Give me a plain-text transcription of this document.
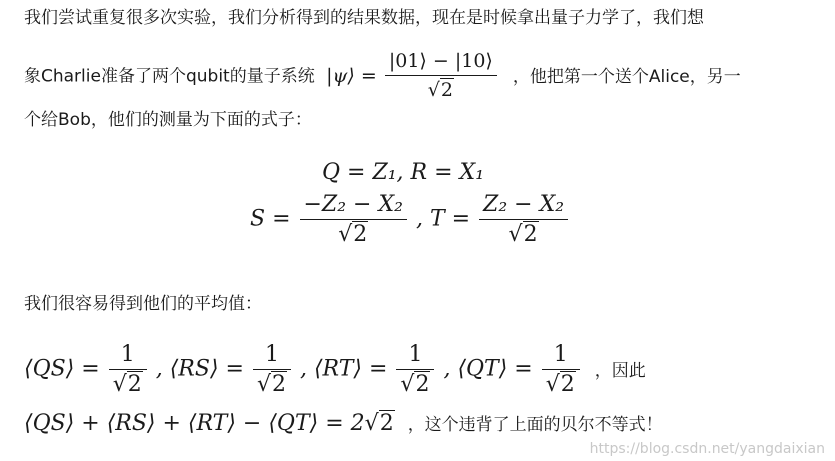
我们尝试重复很多次实验，我们分析得到的结果数据，现在是时候拿出量子力学了，我们想
象Charlie准备了两个qubit的量子系统 |ψ⟩ = $\frac{|01⟩ - |10⟩}{√2}$ ，他把第一个送个Alice，另一
个给Bob，他们的测量为下面的式子：
Q = Z₁, R = X₁
$S = \frac{\text{−Z₂ − X₂}}{√2}$ , $T = \frac{\text{Z₂ − X₂}}{√2}$
我们很容易得到他们的平均值：
⟨QS⟩ = $\frac{1}{√2}$ , ⟨RS⟩ = $\frac{1}{√2}$ , ⟨RT⟩ = $\frac{1}{√2}$ , ⟨QT⟩ = $\frac{1}{√2}$ ，因此
⟨QS⟩ + ⟨RS⟩ + ⟨RT⟩ − ⟨QT⟩ = 2√2 ，这个违背了上面的贝尔不等式！
https://blog.csdn.net/yangdaixian
